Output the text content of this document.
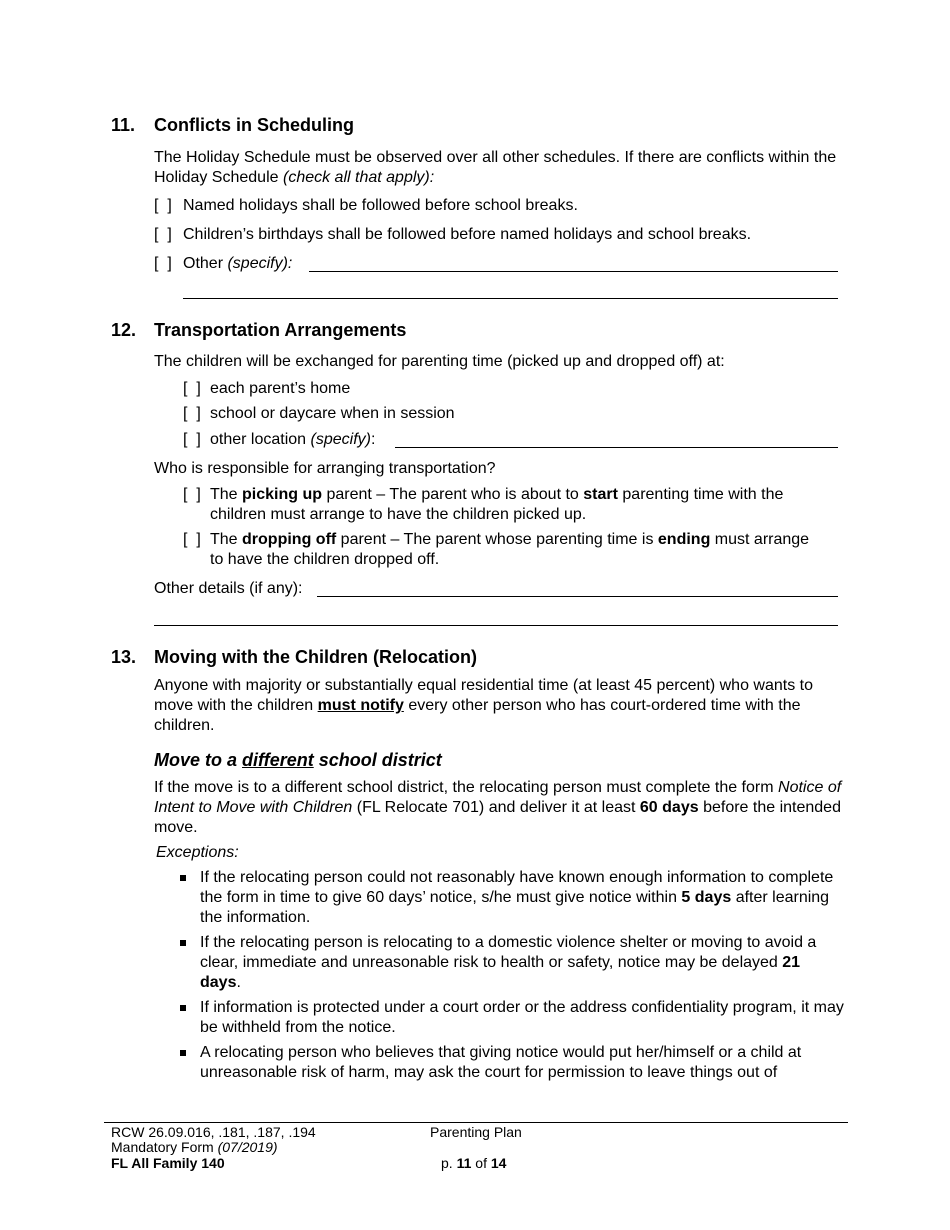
11. Conflicts in Scheduling
The Holiday Schedule must be observed over all other schedules. If there are conflicts within the Holiday Schedule (check all that apply):
[  ] Named holidays shall be followed before school breaks.
[  ] Children’s birthdays shall be followed before named holidays and school breaks.
[  ] Other (specify):
12. Transportation Arrangements
The children will be exchanged for parenting time (picked up and dropped off) at:
[  ] each parent’s home
[  ] school or daycare when in session
[  ] other location (specify):
Who is responsible for arranging transportation?
[  ] The picking up parent – The parent who is about to start parenting time with the children must arrange to have the children picked up.
[  ] The dropping off parent – The parent whose parenting time is ending must arrange to have the children dropped off.
Other details (if any):
13. Moving with the Children (Relocation)
Anyone with majority or substantially equal residential time (at least 45 percent) who wants to move with the children must notify every other person who has court-ordered time with the children.
Move to a different school district
If the move is to a different school district, the relocating person must complete the form Notice of Intent to Move with Children (FL Relocate 701) and deliver it at least 60 days before the intended move.
Exceptions:
If the relocating person could not reasonably have known enough information to complete the form in time to give 60 days’ notice, s/he must give notice within 5 days after learning the information.
If the relocating person is relocating to a domestic violence shelter or moving to avoid a clear, immediate and unreasonable risk to health or safety, notice may be delayed 21 days.
If information is protected under a court order or the address confidentiality program, it may be withheld from the notice.
A relocating person who believes that giving notice would put her/himself or a child at unreasonable risk of harm, may ask the court for permission to leave things out of
RCW 26.09.016, .181, .187, .194
Mandatory Form (07/2019)
FL All Family 140
Parenting Plan
p. 11 of 14
